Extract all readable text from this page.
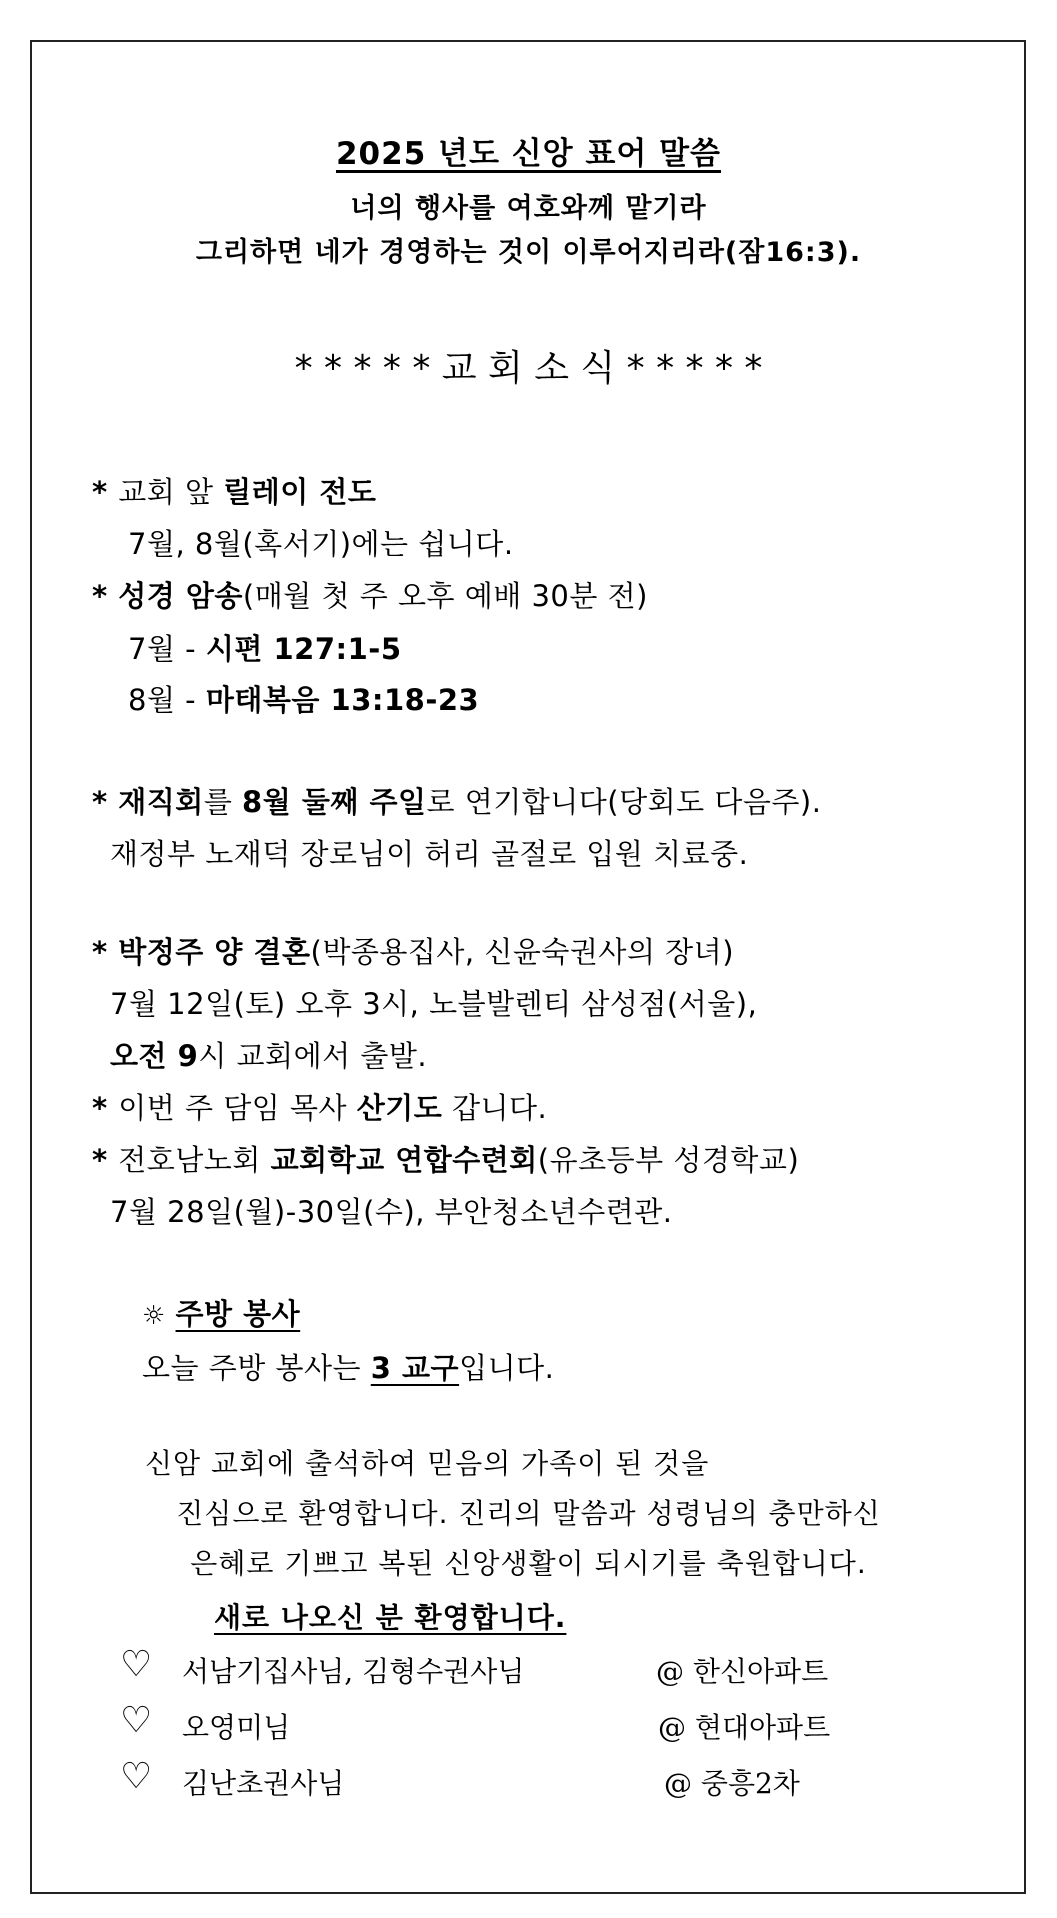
2025 년도 신앙 표어 말씀
너의 행사를 여호와께 맡기라
그리하면 네가 경영하는 것이 이루어지리라(잠16:3).
* * * * * 교 회 소 식 * * * * *
* 교회 앞 릴레이 전도
7월, 8월(혹서기)에는 쉽니다.
* 성경 암송(매월 첫 주 오후 예배 30분 전)
7월 - 시편 127:1-5
8월 - 마태복음 13:18-23
* 재직회를 8월 둘째 주일로 연기합니다(당회도 다음주).
재정부 노재덕 장로님이 허리 골절로 입원 치료중.
* 박정주 양 결혼(박종용집사, 신윤숙권사의 장녀)
7월 12일(토) 오후 3시, 노블발렌티 삼성점(서울),
오전 9시 교회에서 출발.
* 이번 주 담임 목사 산기도 갑니다.
* 전호남노회 교회학교 연합수련회(유초등부 성경학교)
7월 28일(월)-30일(수), 부안청소년수련관.
☼ 주방 봉사
오늘 주방 봉사는 3 교구입니다.
신암 교회에 출석하여 믿음의 가족이 된 것을
진심으로 환영합니다. 진리의 말씀과 성령님의 충만하신
은혜로 기쁘고 복된 신앙생활이 되시기를 축원합니다.
새로 나오신 분 환영합니다.
♡ 서남기집사님, 김형수권사님	@ 한신아파트
♡ 오영미님	@ 현대아파트
♡ 김난초권사님	@ 중흥2차
